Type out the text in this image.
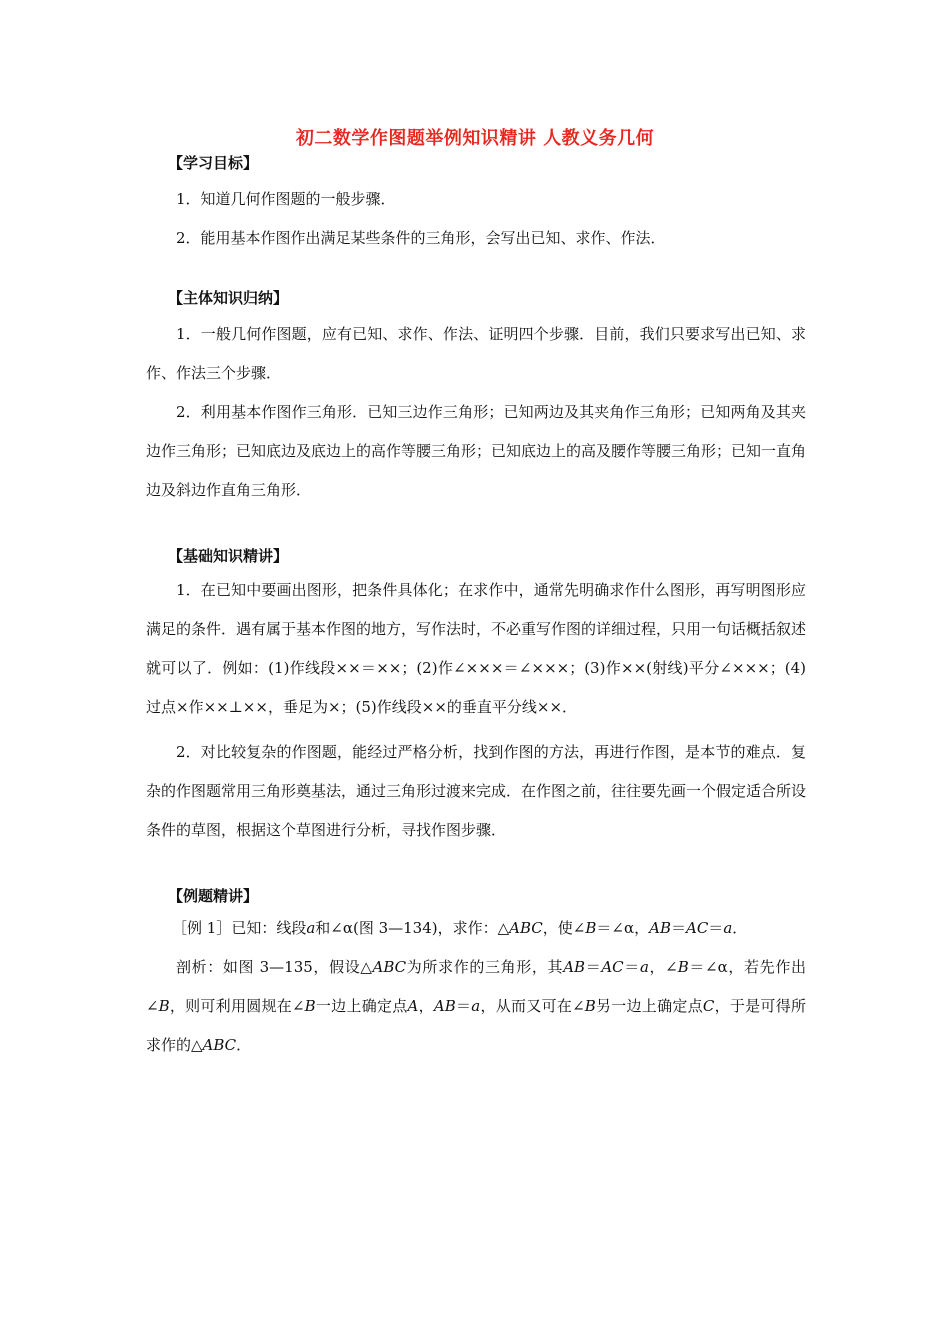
初二数学作图题举例知识精讲 人教义务几何
【学习目标】
1．知道几何作图题的一般步骤．
2．能用基本作图作出满足某些条件的三角形，会写出已知、求作、作法．
【主体知识归纳】
1．一般几何作图题，应有已知、求作、作法、证明四个步骤．目前，我们只要求写出已知、求作、作法三个步骤．
2．利用基本作图作三角形．已知三边作三角形；已知两边及其夹角作三角形；已知两角及其夹边作三角形；已知底边及底边上的高作等腰三角形；已知底边上的高及腰作等腰三角形；已知一直角边及斜边作直角三角形．
【基础知识精讲】
1．在已知中要画出图形，把条件具体化；在求作中，通常先明确求作什么图形，再写明图形应满足的条件．遇有属于基本作图的地方，写作法时，不必重写作图的详细过程，只用一句话概括叙述就可以了．例如：(1)作线段××＝××；(2)作∠×××＝∠×××；(3)作××(射线)平分∠×××；(4)过点×作××⊥××，垂足为×；(5)作线段××的垂直平分线××．
2．对比较复杂的作图题，能经过严格分析，找到作图的方法，再进行作图，是本节的难点．复杂的作图题常用三角形奠基法，通过三角形过渡来完成．在作图之前，往往要先画一个假定适合所设条件的草图，根据这个草图进行分析，寻找作图步骤．
【例题精讲】
［例 1］已知：线段a和∠α(图 3—134)，求作：△ABC，使∠B＝∠α，AB＝AC＝a．
剖析：如图 3—135，假设△ABC为所求作的三角形，其AB＝AC＝a，∠B＝∠α，若先作出∠B，则可利用圆规在∠B一边上确定点A，AB＝a，从而又可在∠B另一边上确定点C，于是可得所求作的△ABC．
